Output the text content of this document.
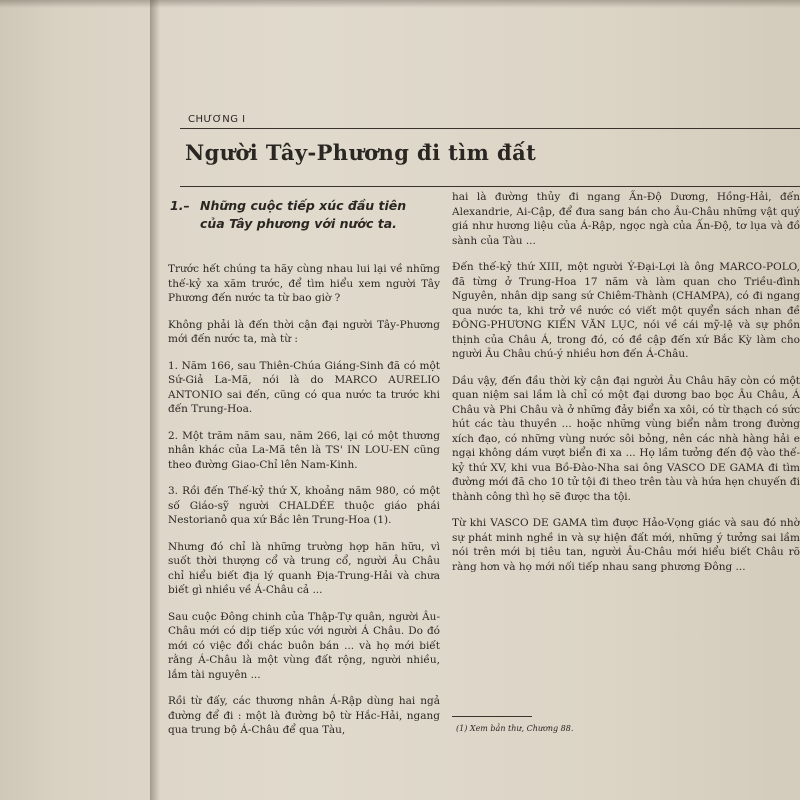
CHƯƠNG I
Người Tây-Phương đi tìm đất
1.– Những cuộc tiếp xúc đầu tiên
của Tây phương với nước ta.

Trước hết chúng ta hãy cùng nhau lui lại về những thế-kỷ xa xăm trước, để tìm hiểu xem người Tây Phương đến nước ta từ bao giờ ?

Không phải là đến thời cận đại người Tây-Phương mới đến nước ta, mà từ :

1. Năm 166, sau Thiên-Chúa Giáng-Sinh đã có một Sứ-Giả La-Mã, nói là do MARCO AURELIO ANTONIO sai đến, cũng có qua nước ta trước khi đến Trung-Hoa.

2. Một trăm năm sau, năm 266, lại có một thương nhân khác của La-Mã tên là TS' IN LOU-EN cũng theo đường Giao-Chỉ lên Nam-Kinh.

3. Rồi đến Thế-kỷ thứ X, khoảng năm 980, có một số Giáo-sỹ người CHALDÉE thuộc giáo phái Nestorianô qua xứ Bắc lên Trung-Hoa (1).

Nhưng đó chỉ là những trường hợp hãn hữu, vì suốt thời thượng cổ và trung cổ, người Âu Châu chỉ hiểu biết địa lý quanh Địa-Trung-Hải và chưa biết gì nhiều về Á-Châu cả ...

Sau cuộc Đông chinh của Thập-Tự quân, người Âu-Châu mới có dịp tiếp xúc với người Á Châu. Do đó mới có việc đổi chác buôn bán ... và họ mới biết rằng Á-Châu là một vùng đất rộng, người nhiều, lắm tài nguyên ...

Rồi từ đấy, các thương nhân Á-Rập dùng hai ngả đường để đi : một là đường bộ từ Hắc-Hải, ngang qua trung bộ Á-Châu để qua Tàu,

hai là đường thủy đi ngang Ấn-Độ Dương, Hồng-Hải, đến Alexandrie, Ai-Cập, để đưa sang bán cho Âu-Châu những vật quý giá như hương liệu của Á-Rập, ngọc ngà của Ấn-Độ, tơ lụa và đồ sành của Tàu ...

Đến thế-kỷ thứ XIII, một người Ý-Đại-Lợi là ông MARCO-POLO, đã từng ở Trung-Hoa 17 năm và làm quan cho Triều-đình Nguyên, nhân dịp sang sứ Chiêm-Thành (CHAMPA), có đi ngang qua nước ta, khi trở về nước có viết một quyển sách nhan đề ĐÔNG-PHƯƠNG KIẾN VĂN LỤC, nói về cái mỹ-lệ và sự phồn thịnh của Châu Á, trong đó, có đề cập đến xứ Bắc Kỳ làm cho người Âu Châu chú-ý nhiều hơn đến Á-Châu.

Dầu vậy, đến đầu thời kỳ cận đại người Âu Châu hãy còn có một quan niệm sai lầm là chỉ có một đại dương bao bọc Âu Châu, Á Châu và Phi Châu và ở những đảy biển xa xôi, có từ thạch có sức hút các tàu thuyền ... hoặc những vùng biển nằm trong đường xích đạo, có những vùng nước sôi bỏng, nên các nhà hàng hải e ngại không dám vượt biển đi xa ... Họ lầm tưởng đến độ vào thế-kỷ thứ XV, khi vua Bồ-Đào-Nha sai ông VASCO DE GAMA đi tìm đường mới đã cho 10 tử tội đi theo trên tàu và hứa hẹn chuyến đi thành công thì họ sẽ được tha tội.

Từ khi VASCO DE GAMA tìm được Hảo-Vọng giác và sau đó nhờ sự phát minh nghề in và sự hiện đất mới, những ý tưởng sai lầm nói trên mới bị tiêu tan, người Âu-Châu mới hiểu biết Châu rõ ràng hơn và họ mới nối tiếp nhau sang phương Đông ...

(1) Xem bản thư, Chương 88.
